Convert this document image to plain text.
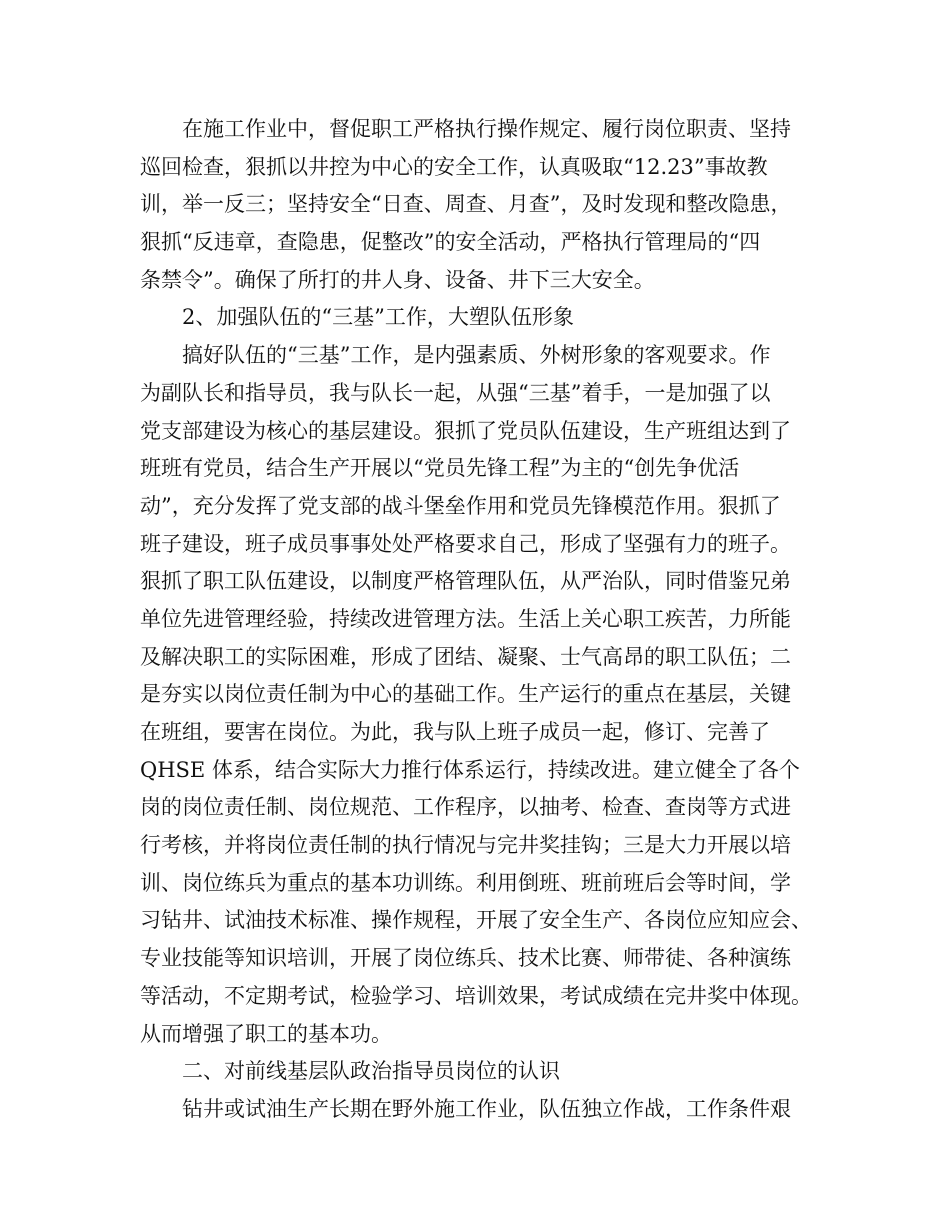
在施工作业中，督促职工严格执行操作规定、履行岗位职责、坚持
巡回检查，狠抓以井控为中心的安全工作，认真吸取“12.23”事故教
训，举一反三；坚持安全“日查、周查、月查”，及时发现和整改隐患，
狠抓“反违章，查隐患，促整改”的安全活动，严格执行管理局的“四
条禁令”。确保了所打的井人身、设备、井下三大安全。
2、加强队伍的“三基”工作，大塑队伍形象
搞好队伍的“三基”工作，是内强素质、外树形象的客观要求。作
为副队长和指导员，我与队长一起，从强“三基”着手，一是加强了以
党支部建设为核心的基层建设。狠抓了党员队伍建设，生产班组达到了
班班有党员，结合生产开展以“党员先锋工程”为主的“创先争优活
动”，充分发挥了党支部的战斗堡垒作用和党员先锋模范作用。狠抓了
班子建设，班子成员事事处处严格要求自己，形成了坚强有力的班子。
狠抓了职工队伍建设，以制度严格管理队伍，从严治队，同时借鉴兄弟
单位先进管理经验，持续改进管理方法。生活上关心职工疾苦，力所能
及解决职工的实际困难，形成了团结、凝聚、士气高昂的职工队伍；二
是夯实以岗位责任制为中心的基础工作。生产运行的重点在基层，关键
在班组，要害在岗位。为此，我与队上班子成员一起，修订、完善了
QHSE 体系，结合实际大力推行体系运行，持续改进。建立健全了各个
岗的岗位责任制、岗位规范、工作程序，以抽考、检查、查岗等方式进
行考核，并将岗位责任制的执行情况与完井奖挂钩；三是大力开展以培
训、岗位练兵为重点的基本功训练。利用倒班、班前班后会等时间，学
习钻井、试油技术标准、操作规程，开展了安全生产、各岗位应知应会、
专业技能等知识培训，开展了岗位练兵、技术比赛、师带徒、各种演练
等活动，不定期考试，检验学习、培训效果，考试成绩在完井奖中体现。
从而增强了职工的基本功。
二、对前线基层队政治指导员岗位的认识
钻井或试油生产长期在野外施工作业，队伍独立作战，工作条件艰
